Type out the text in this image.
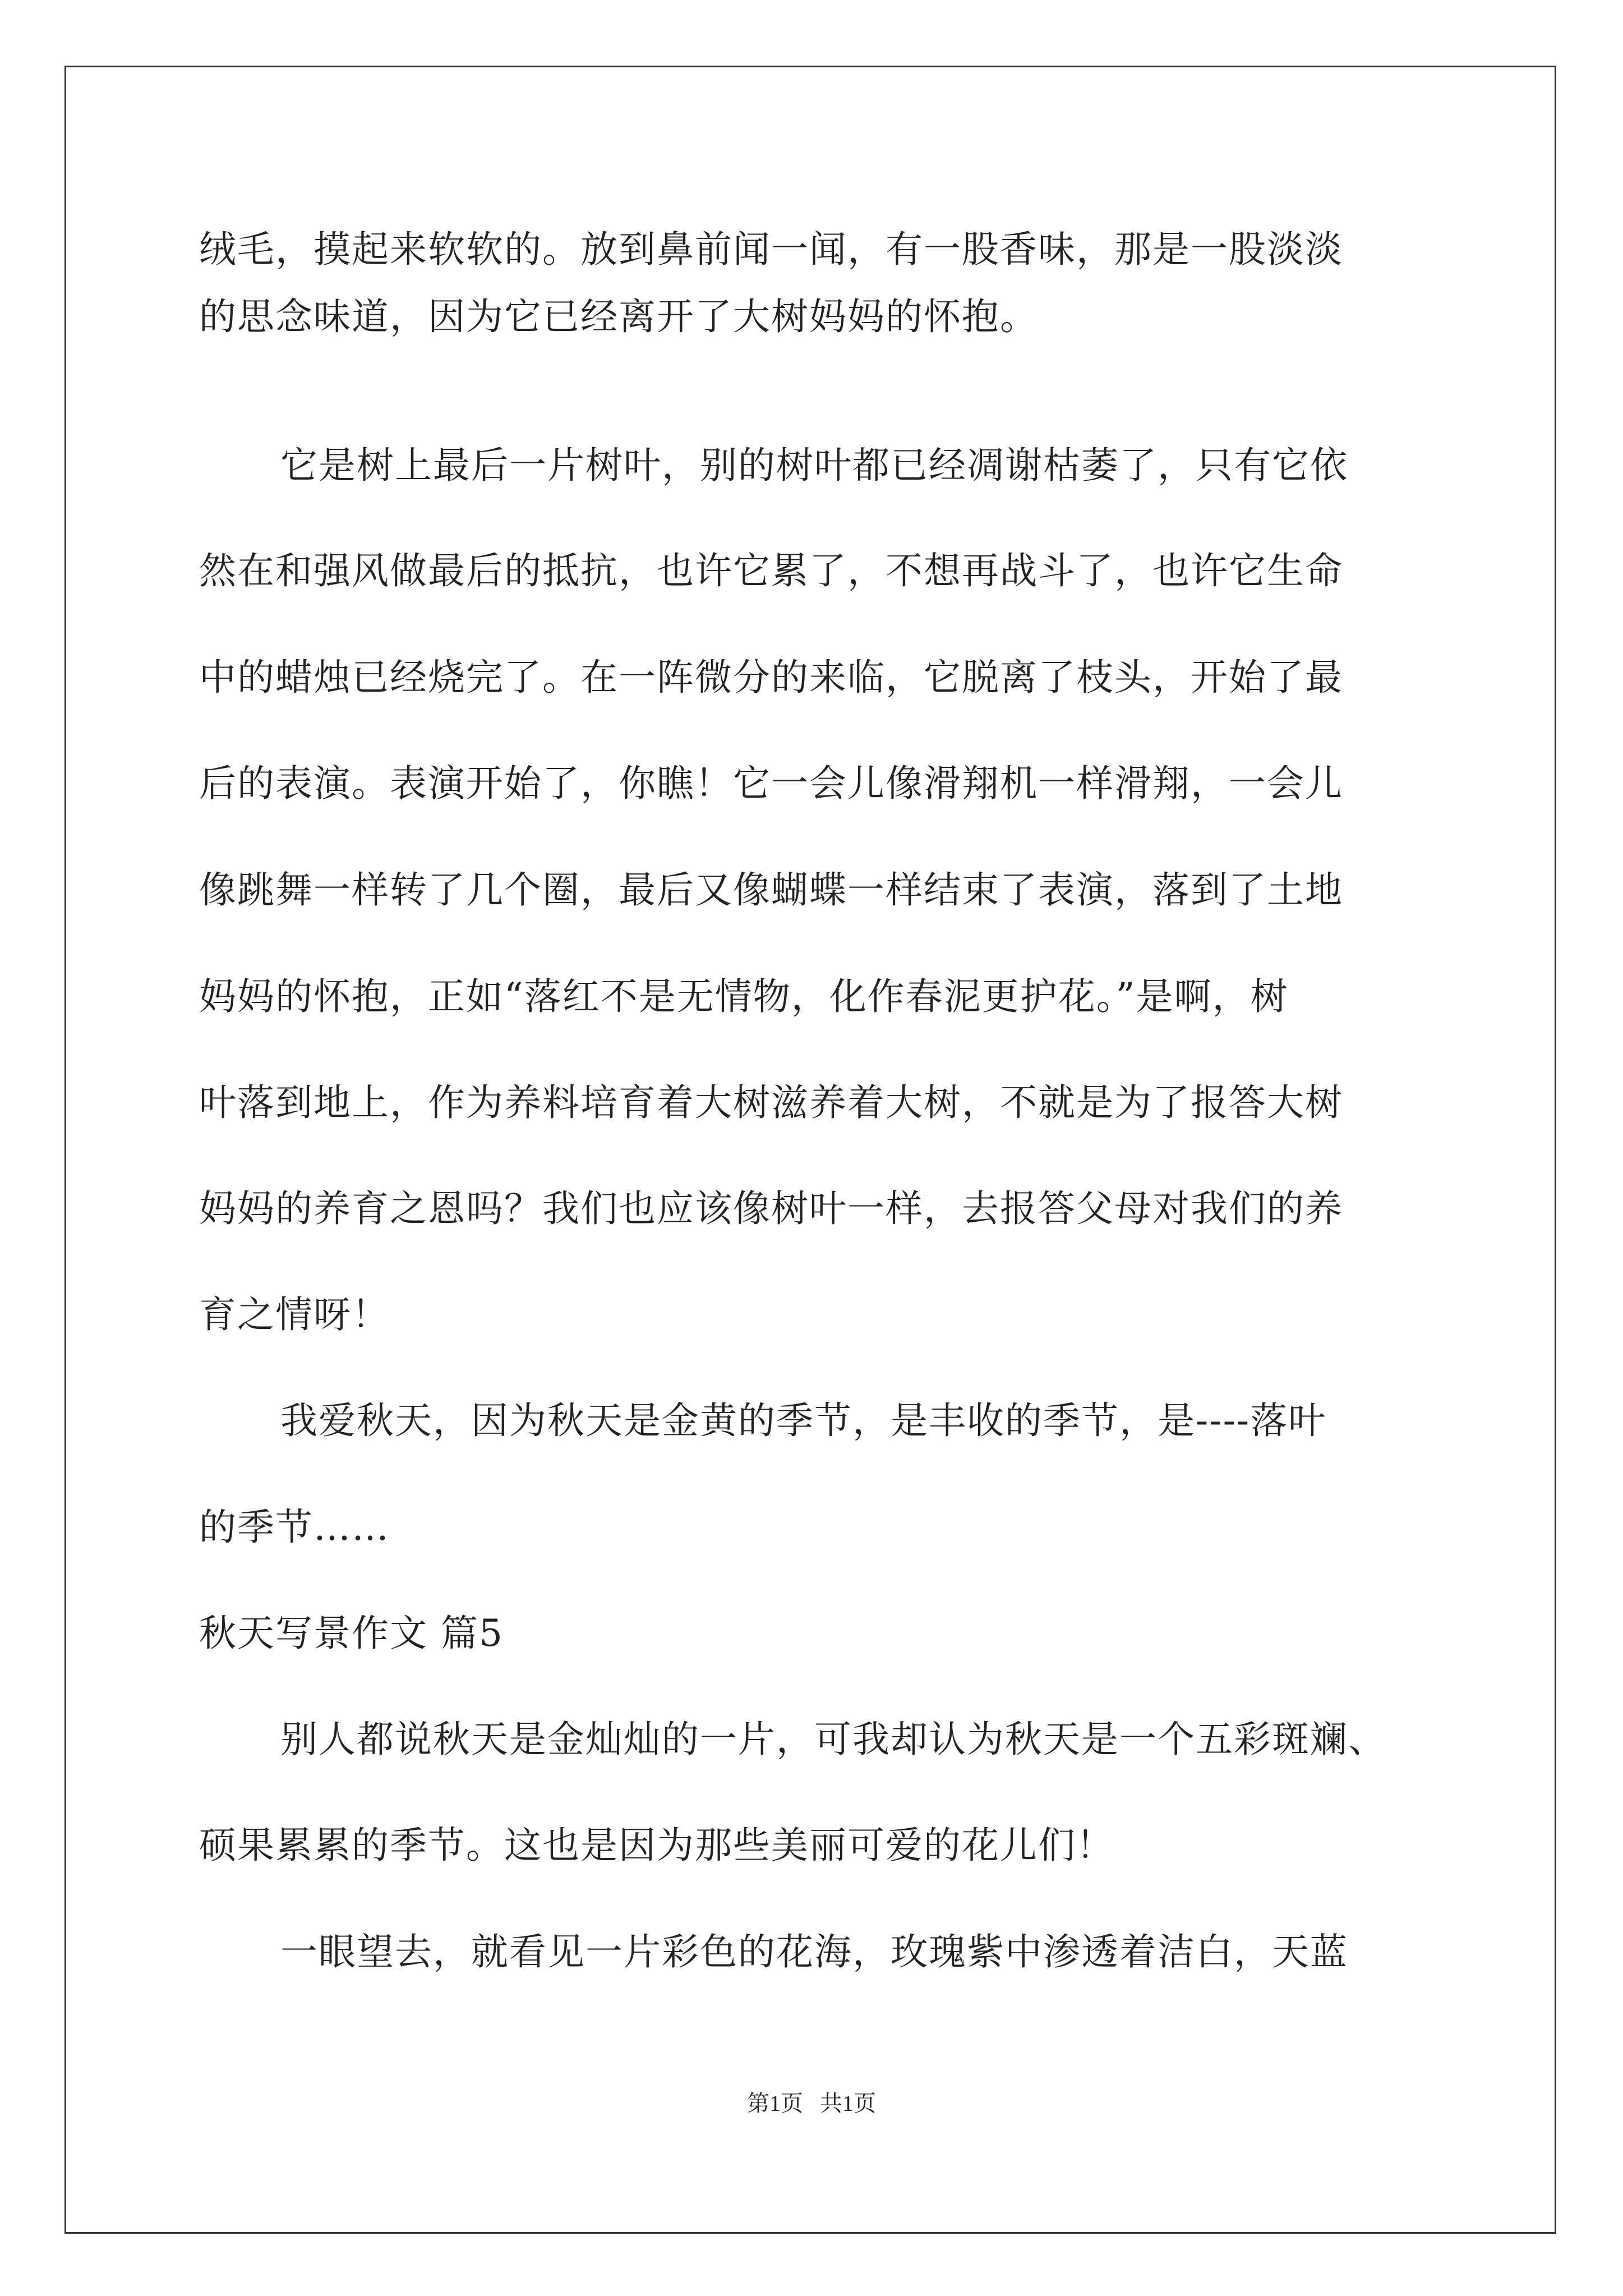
绒毛，摸起来软软的。放到鼻前闻一闻，有一股香味，那是一股淡淡
的思念味道，因为它已经离开了大树妈妈的怀抱。
它是树上最后一片树叶，别的树叶都已经凋谢枯萎了，只有它依
然在和强风做最后的抵抗，也许它累了，不想再战斗了，也许它生命
中的蜡烛已经烧完了。在一阵微分的来临，它脱离了枝头，开始了最
后的表演。表演开始了，你瞧！它一会儿像滑翔机一样滑翔，一会儿
像跳舞一样转了几个圈，最后又像蝴蝶一样结束了表演，落到了土地
妈妈的怀抱，正如“落红不是无情物，化作春泥更护花。”是啊，树
叶落到地上，作为养料培育着大树滋养着大树，不就是为了报答大树
妈妈的养育之恩吗？我们也应该像树叶一样，去报答父母对我们的养
育之情呀！
我爱秋天，因为秋天是金黄的季节，是丰收的季节，是----落叶
的季节……
秋天写景作文 篇5
别人都说秋天是金灿灿的一片，可我却认为秋天是一个五彩斑斓、
硕果累累的季节。这也是因为那些美丽可爱的花儿们！
一眼望去，就看见一片彩色的花海，玫瑰紫中渗透着洁白，天蓝
第1页   共1页
